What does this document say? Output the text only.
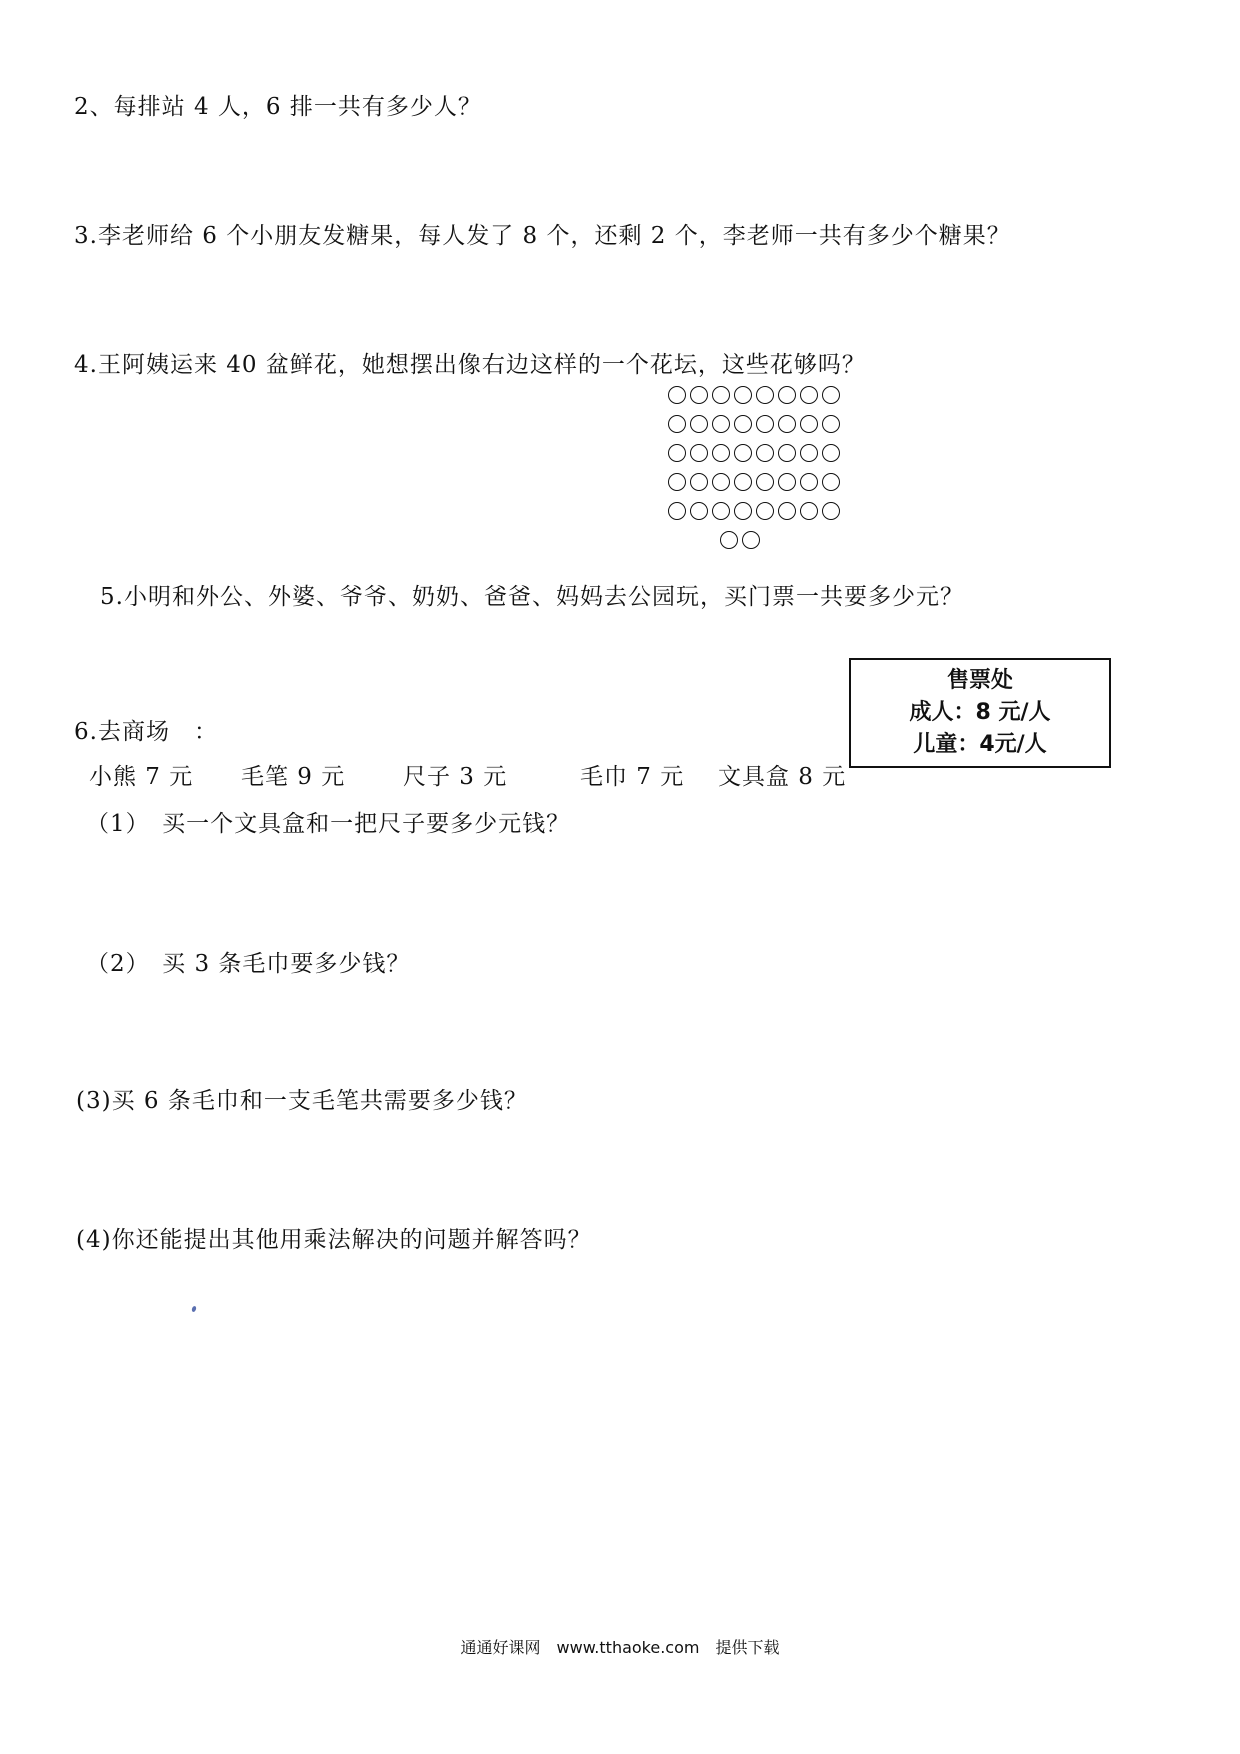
2、每排站 4 人，6 排一共有多少人？
3.李老师给 6 个小朋友发糖果，每人发了 8 个，还剩 2 个，李老师一共有多少个糖果？
4.王阿姨运来 40 盆鲜花，她想摆出像右边这样的一个花坛，这些花够吗？
5.小明和外公、外婆、爷爷、奶奶、爸爸、妈妈去公园玩，买门票一共要多少元？
售票处
成人：8 元/人
儿童：4元/人
6.去商场　：
小熊 7 元 毛笔 9 元	尺子 3 元	毛巾 7 元 文具盒 8 元
（1）　买一个文具盒和一把尺子要多少元钱？
（2）　买 3 条毛巾要多少钱？
(3)买 6 条毛巾和一支毛笔共需要多少钱？
(4)你还能提出其他用乘法解决的问题并解答吗？
通通好课网　www.tthaoke.com　提供下载
